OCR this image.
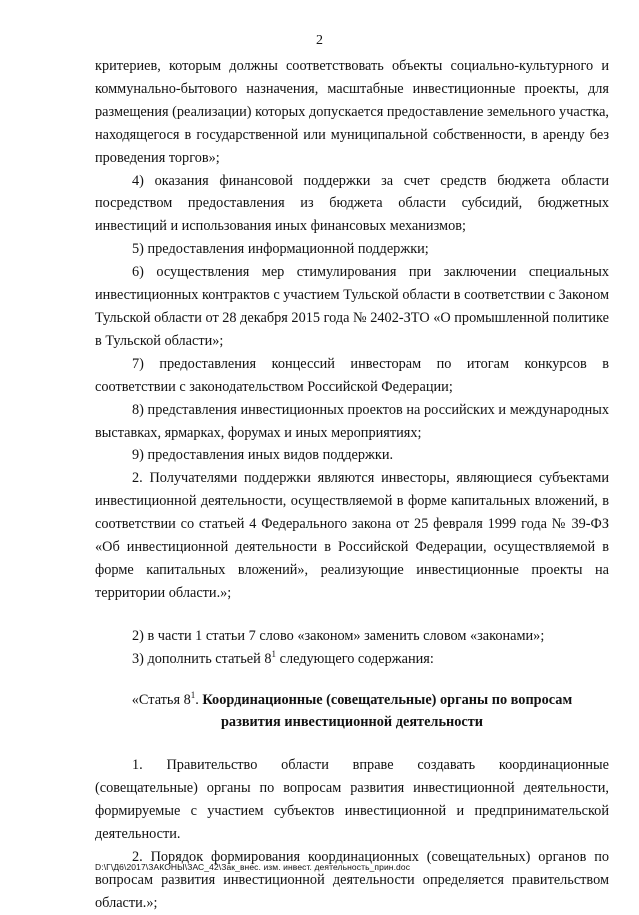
2

критериев, которым должны соответствовать объекты социально-культурного и коммунально-бытового назначения, масштабные инвестиционные проекты, для размещения (реализации) которых допускается предоставление земельного участка, находящегося в государственной или муниципальной собственности, в аренду без проведения торгов»;

4) оказания финансовой поддержки за счет средств бюджета области посредством предоставления из бюджета области субсидий, бюджетных инвестиций и использования иных финансовых механизмов;

5) предоставления информационной поддержки;

6) осуществления мер стимулирования при заключении специальных инвестиционных контрактов с участием Тульской области в соответствии с Законом Тульской области от 28 декабря 2015 года № 2402-ЗТО «О промышленной политике в Тульской области»;

7) предоставления концессий инвесторам по итогам конкурсов в соответствии с законодательством Российской Федерации;

8) представления инвестиционных проектов на российских и международных выставках, ярмарках, форумах и иных мероприятиях;

9) предоставления иных видов поддержки.

2. Получателями поддержки являются инвесторы, являющиеся субъектами инвестиционной деятельности, осуществляемой в форме капитальных вложений, в соответствии со статьей 4 Федерального закона от 25 февраля 1999 года № 39-ФЗ «Об инвестиционной деятельности в Российской Федерации, осуществляемой в форме капитальных вложений», реализующие инвестиционные проекты на территории области.»;

2) в части 1 статьи 7 слово «законом» заменить словом «законами»;

3) дополнить статьей $8^1$ следующего содержания:

«Статья $8^1$. Координационные (совещательные) органы по вопросам

развития инвестиционной деятельности

1. Правительство области вправе создавать координационные (совещательные) органы по вопросам развития инвестиционной деятельности, формируемые с участием субъектов инвестиционной и предпринимательской деятельности.

2. Порядок формирования координационных (совещательных) органов по вопросам развития инвестиционной деятельности определяется правительством области.»;

D:\Г\Д6\2017\ЗАКОНЫ\ЗАС_42\Зак_внес. изм. инвест. деятельность_прин.doc
